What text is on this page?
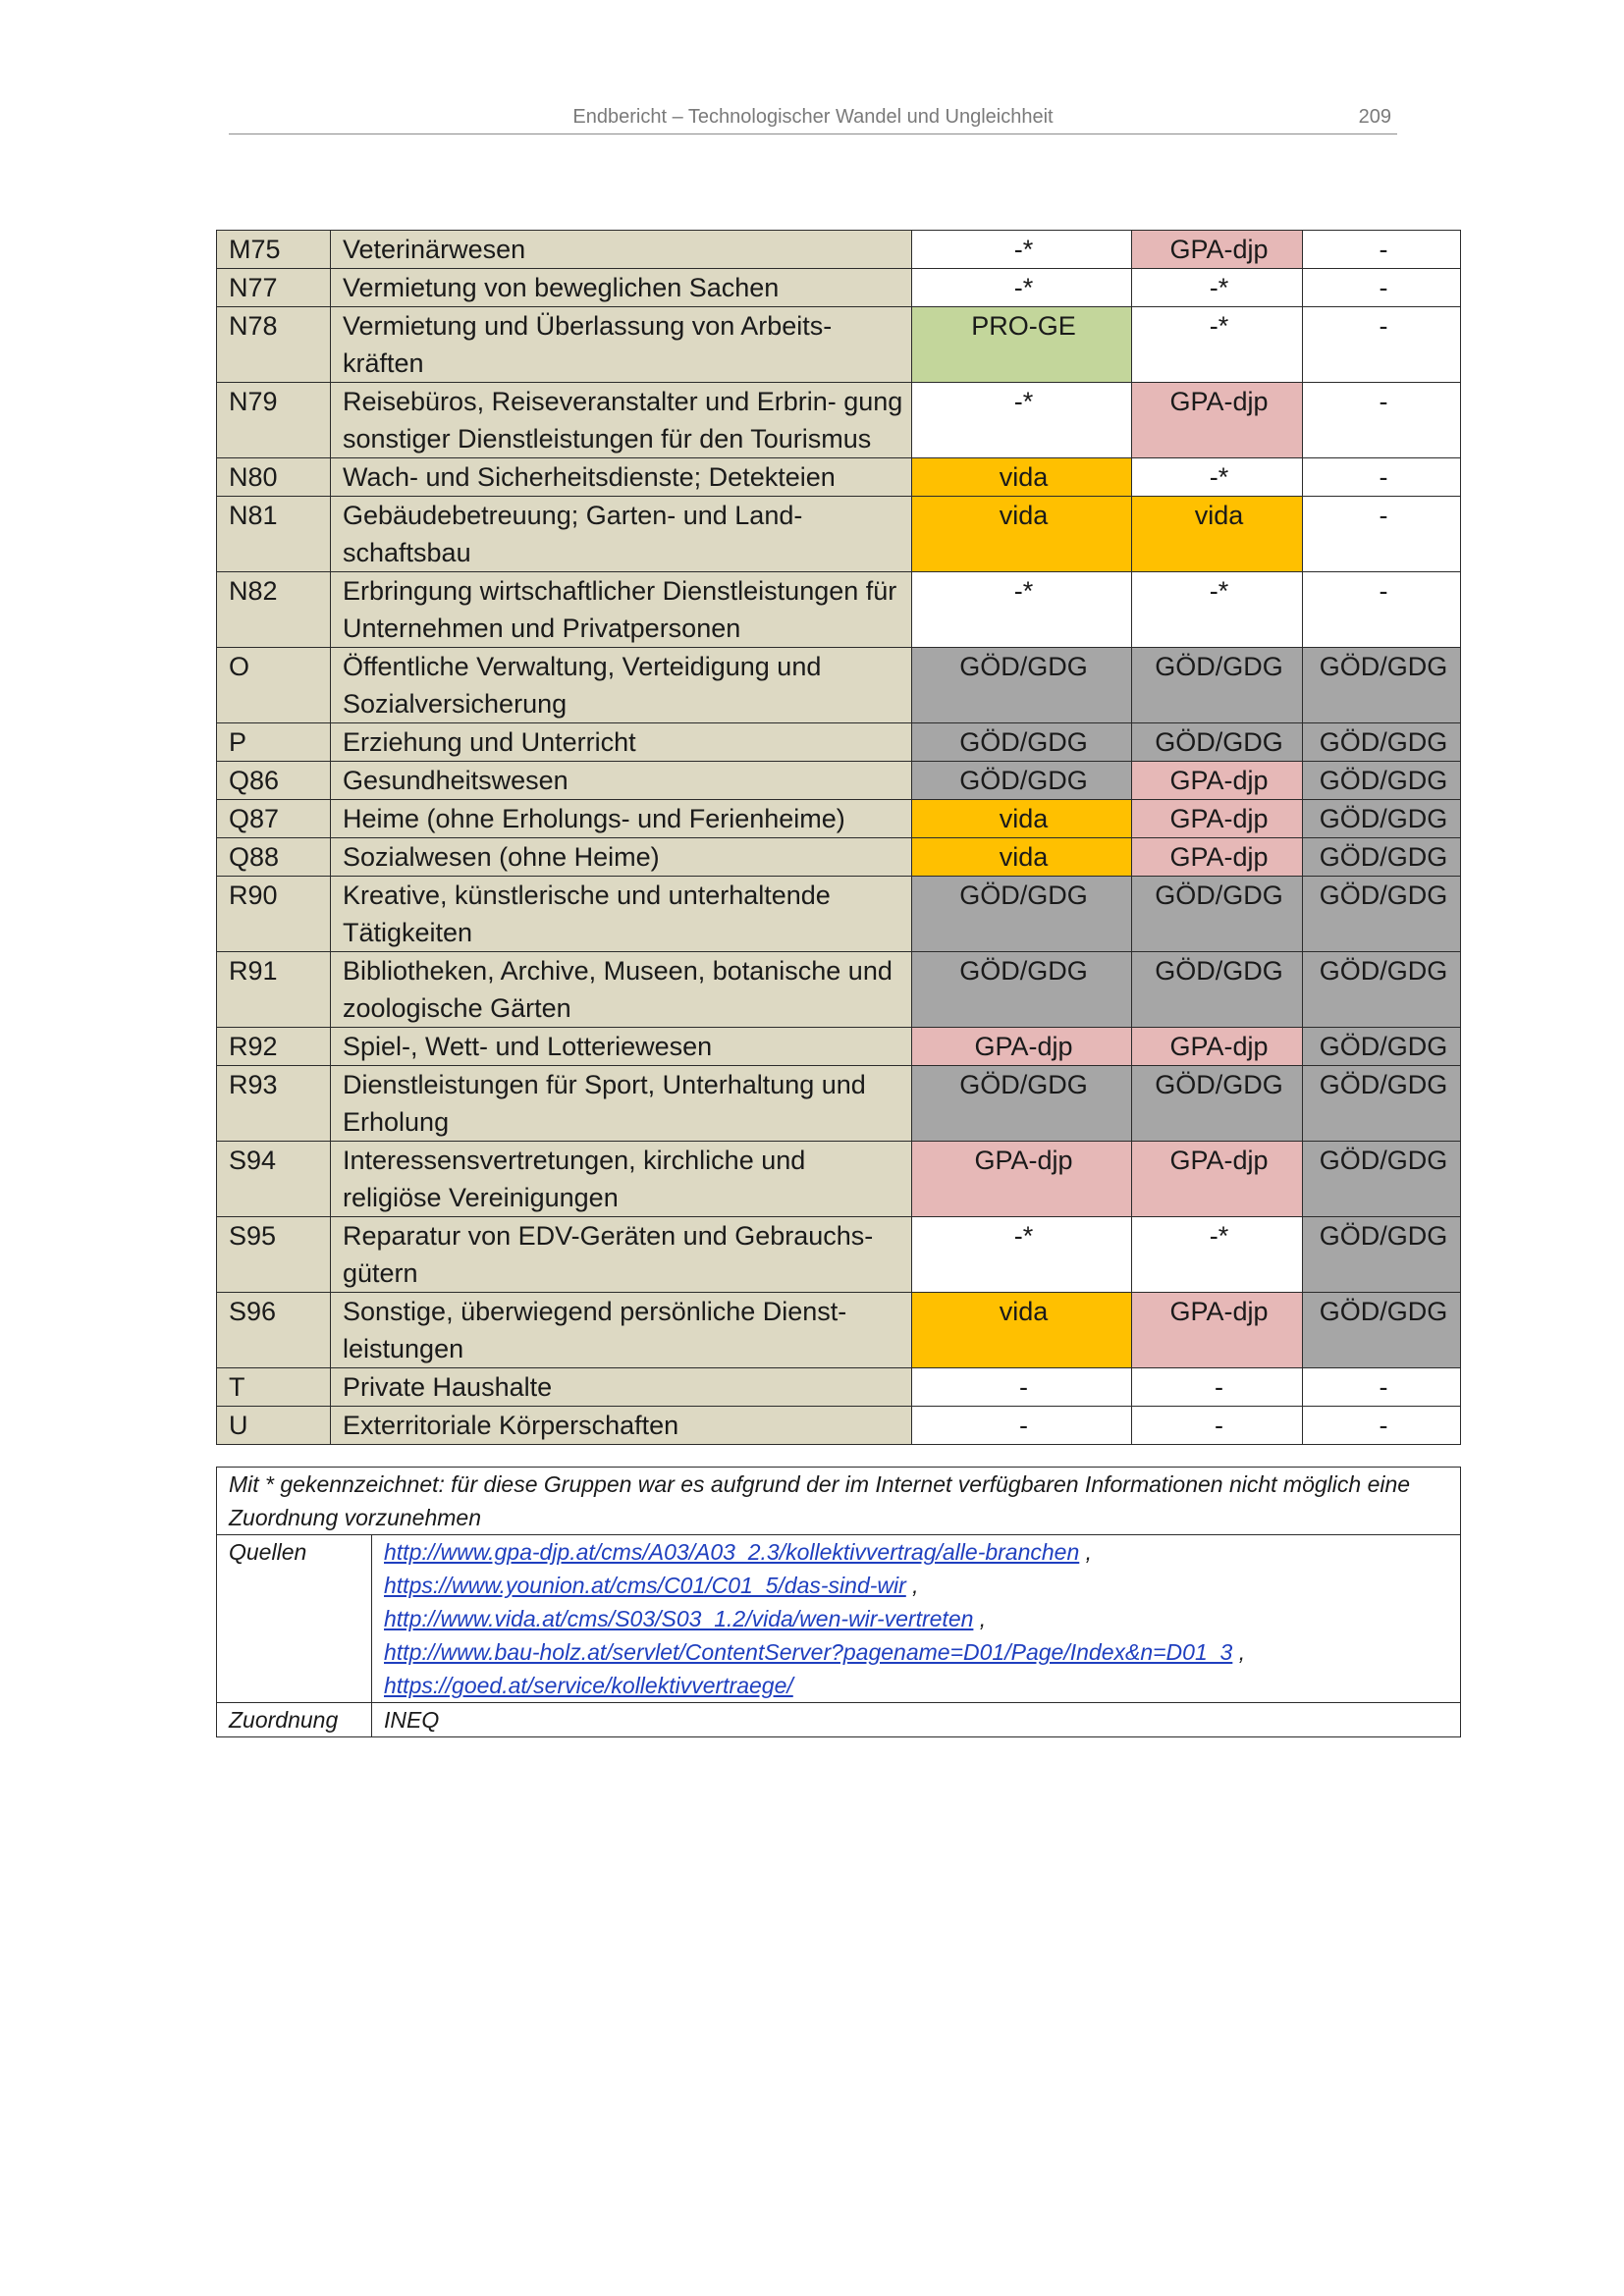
Endbericht – Technologischer Wandel und Ungleichheit	209
M75	Veterinärwesen	-*	GPA-djp	-
N77	Vermietung von beweglichen Sachen	-*	-*	-
N78	Vermietung und Überlassung von Arbeits- kräften	PRO-GE	-*	-
N79	Reisebüros, Reiseveranstalter und Erbrin- gung sonstiger Dienstleistungen für den Tourismus	-*	GPA-djp	-
N80	Wach- und Sicherheitsdienste; Detekteien	vida	-*	-
N81	Gebäudebetreuung; Garten- und Land- schaftsbau	vida	vida	-
N82	Erbringung wirtschaftlicher Dienstleistungen für Unternehmen und Privatpersonen	-*	-*	-
O	Öffentliche Verwaltung, Verteidigung und Sozialversicherung	GÖD/GDG	GÖD/GDG	GÖD/GDG
P	Erziehung und Unterricht	GÖD/GDG	GÖD/GDG	GÖD/GDG
Q86	Gesundheitswesen	GÖD/GDG	GPA-djp	GÖD/GDG
Q87	Heime (ohne Erholungs- und Ferienheime)	vida	GPA-djp	GÖD/GDG
Q88	Sozialwesen (ohne Heime)	vida	GPA-djp	GÖD/GDG
R90	Kreative, künstlerische und unterhaltende Tätigkeiten	GÖD/GDG	GÖD/GDG	GÖD/GDG
R91	Bibliotheken, Archive, Museen, botanische und zoologische Gärten	GÖD/GDG	GÖD/GDG	GÖD/GDG
R92	Spiel-, Wett- und Lotteriewesen	GPA-djp	GPA-djp	GÖD/GDG
R93	Dienstleistungen für Sport, Unterhaltung und Erholung	GÖD/GDG	GÖD/GDG	GÖD/GDG
S94	Interessensvertretungen, kirchliche und religiöse Vereinigungen	GPA-djp	GPA-djp	GÖD/GDG
S95	Reparatur von EDV-Geräten und Gebrauchs- gütern	-*	-*	GÖD/GDG
S96	Sonstige, überwiegend persönliche Dienst- leistungen	vida	GPA-djp	GÖD/GDG
T	Private Haushalte	-	-	-
U	Exterritoriale Körperschaften	-	-	-
Mit * gekennzeichnet: für diese Gruppen war es aufgrund der im Internet verfügbaren Informationen nicht möglich eine Zuordnung vorzunehmen	
Quellen	http://www.gpa-djp.at/cms/A03/A03_2.3/kollektivvertrag/alle-branchen ,
https://www.younion.at/cms/C01/C01_5/das-sind-wir ,
http://www.vida.at/cms/S03/S03_1.2/vida/wen-wir-vertreten ,
http://www.bau-holz.at/servlet/ContentServer?pagename=D01/Page/Index&n=D01_3 ,
https://goed.at/service/kollektivvertraege/

Zuordnung	INEQ
